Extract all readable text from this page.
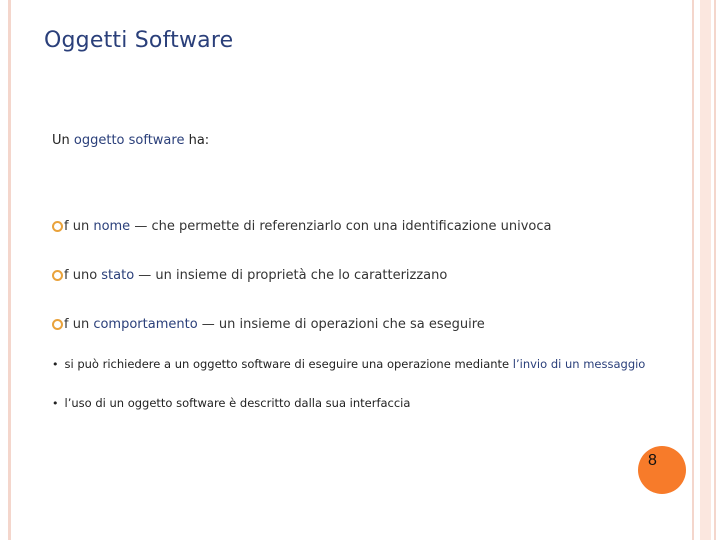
Oggetti Software
Un oggetto software ha:
f un nome — che permette di referenziarlo con una identificazione univoca
f uno stato — un insieme di proprietà che lo caratterizzano
f un comportamento — un insieme di operazioni che sa eseguire
• si può richiedere a un oggetto software di eseguire una operazione mediante l’invio di un messaggio
• l’uso di un oggetto software è descritto dalla sua interfaccia
8
